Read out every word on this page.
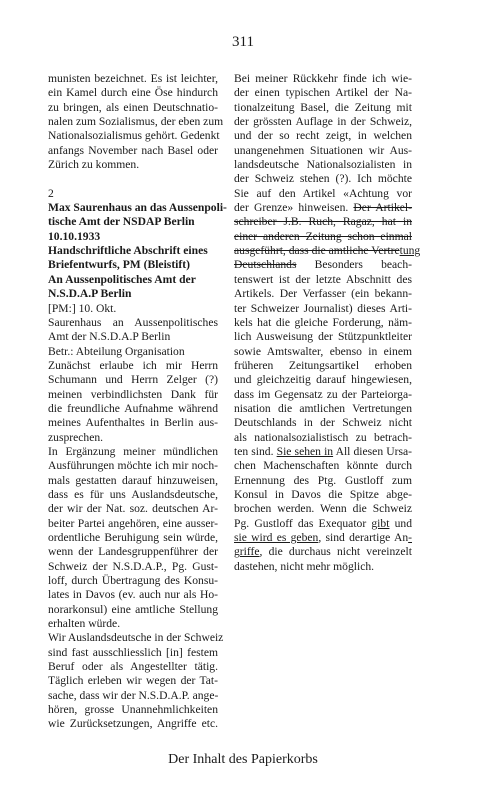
311
munisten bezeichnet. Es ist leichter,
ein Kamel durch eine Öse hindurch
zu bringen, als einen Deutschnatio-
nalen zum Sozialismus, der eben zum
Nationalsozialismus gehört. Gedenkt
anfangs November nach Basel oder
Zürich zu kommen.
2
Max Saurenhaus an das Aussenpoli-
tische Amt der NSDAP Berlin
10.10.1933
Handschriftliche Abschrift eines
Briefentwurfs, PM (Bleistift)
An Aussenpolitisches Amt der
N.S.D.A.P Berlin
[PM:] 10. Okt.
Saurenhaus an Aussenpolitisches
Amt der N.S.D.A.P Berlin
Betr.: Abteilung Organisation
Zunächst erlaube ich mir Herrn
Schumann und Herrn Zelger (?)
meinen verbindlichsten Dank für
die freundliche Aufnahme während
meines Aufenthaltes in Berlin aus-
zusprechen.
In Ergänzung meiner mündlichen
Ausführungen möchte ich mir noch-
mals gestatten darauf hinzuweisen,
dass es für uns Auslandsdeutsche,
der wir der Nat. soz. deutschen Ar-
beiter Partei angehören, eine ausser-
ordentliche Beruhigung sein würde,
wenn der Landesgruppenführer der
Schweiz der N.S.D.A.P., Pg. Gust-
loff, durch Übertragung des Konsu-
lates in Davos (ev. auch nur als Ho-
norarkonsul) eine amtliche Stellung
erhalten würde.
Wir Auslandsdeutsche in der Schweiz
sind fast ausschliesslich [in] festem
Beruf oder als Angestellter tätig.
Täglich erleben wir wegen der Tat-
sache, dass wir der N.S.D.A.P. ange-
hören, grosse Unannehmlichkeiten
wie Zurücksetzungen, Angriffe etc.
Bei meiner Rückkehr finde ich wie-
der einen typischen Artikel der Na-
tionalzeitung Basel, die Zeitung mit
der grössten Auflage in der Schweiz,
und der so recht zeigt, in welchen
unangenehmen Situationen wir Aus-
landsdeutsche Nationalsozialisten in
der Schweiz stehen (?). Ich möchte
Sie auf den Artikel «Achtung vor
der Grenze» hinweisen. Der Artikel-
schreiber J.B. Ruch, Ragaz, hat in
einer anderen Zeitung schon einmal
ausgeführt, dass die amtliche Vertretung
Deutschlands Besonders beach-
tenswert ist der letzte Abschnitt des
Artikels. Der Verfasser (ein bekann-
ter Schweizer Journalist) dieses Arti-
kels hat die gleiche Forderung, näm-
lich Ausweisung der Stützpunktleiter
sowie Amtswalter, ebenso in einem
früheren Zeitungsartikel erhoben
und gleichzeitig darauf hingewiesen,
dass im Gegensatz zu der Parteiorga-
nisation die amtlichen Vertretungen
Deutschlands in der Schweiz nicht
als nationalsozialistisch zu betrach-
ten sind. Sie sehen in All diesen Ursa-
chen Machenschaften könnte durch
Ernennung des Ptg. Gustloff zum
Konsul in Davos die Spitze abge-
brochen werden. Wenn die Schweiz
Pg. Gustloff das Exequator gibt und
sie wird es geben, sind derartige An-
griffe, die durchaus nicht vereinzelt
dastehen, nicht mehr möglich.
Der Inhalt des Papierkorbs
